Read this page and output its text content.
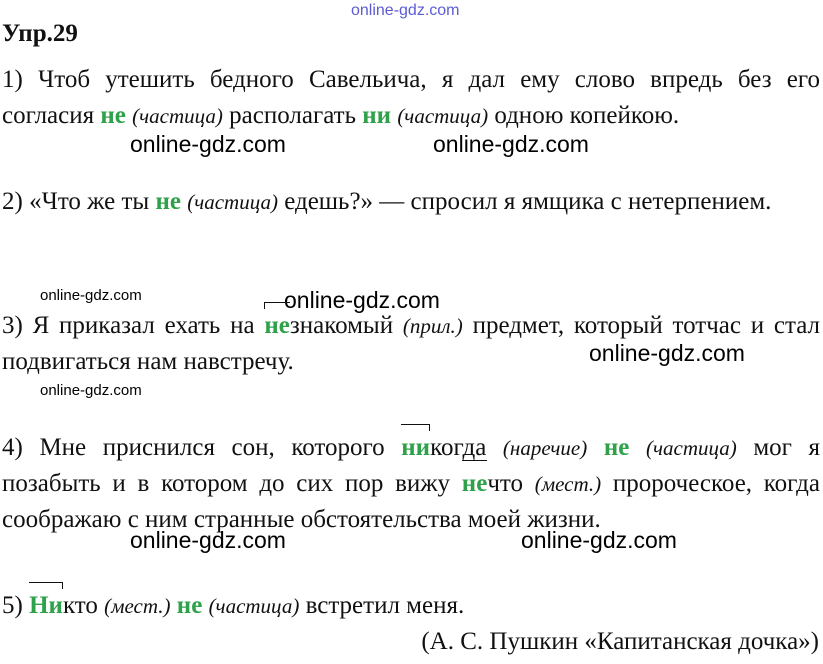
online-gdz.com
Упр.29
1) Чтоб утешить бедного Савельича, я дал ему слово впредь без его согласия не (частица) располагать ни (частица) одною копейкою.
online-gdz.com	online-gdz.com
2) «Что же ты не (частица) едешь?» — спросил я ямщика с нетерпением.
online-gdz.com	online-gdz.com
3) Я приказал ехать на незнакомый (прил.) предмет, который тотчас и стал подвигаться нам навстречу.	online-gdz.com
online-gdz.com
4) Мне приснился сон, которого никогда (наречие) не (частица) мог я позабыть и в котором до сих пор вижу нечто (мест.) пророческое, когда соображаю с ним странные обстоятельства моей жизни.
online-gdz.com	online-gdz.com
5) Никто (мест.) не (частица) встретил меня.
(А. С. Пушкин «Капитанская дочка»)
